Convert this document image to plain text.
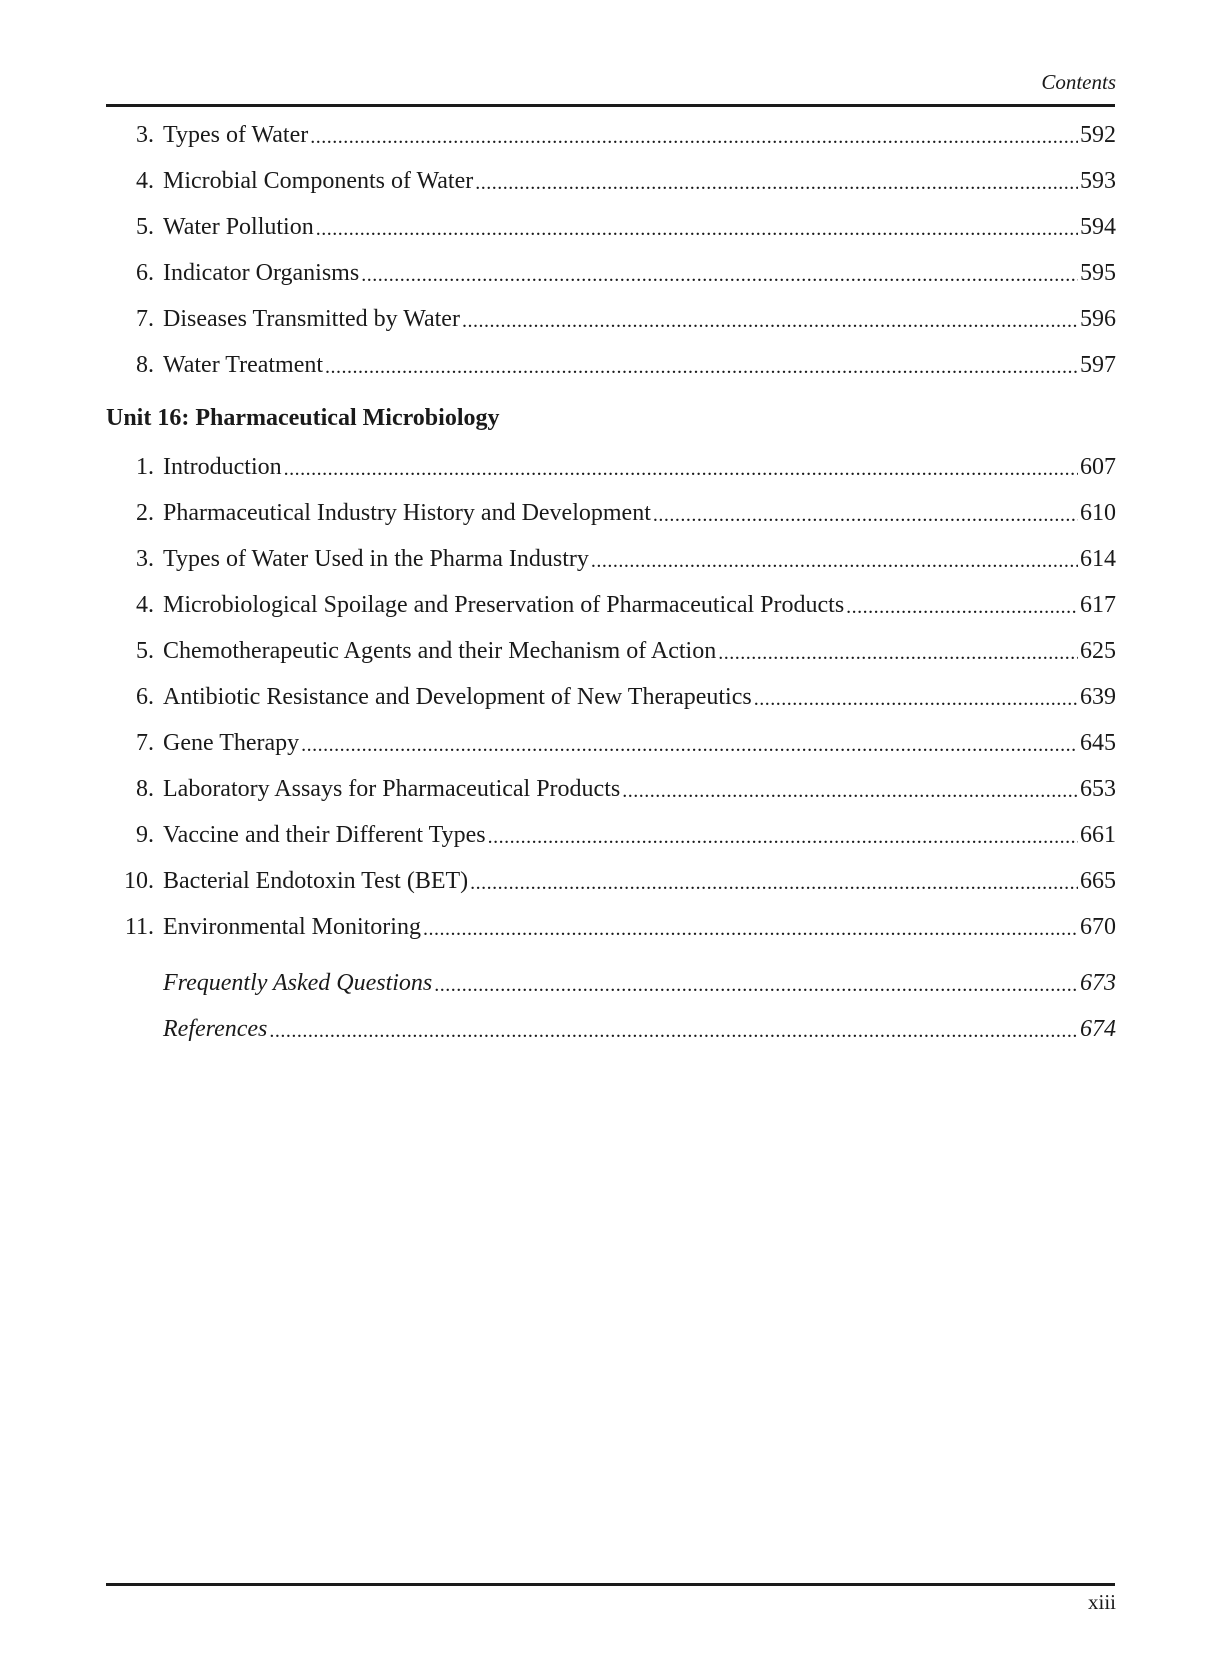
Contents
3. Types of Water .....	592
4. Microbial Components of Water .....	593
5. Water Pollution .....	594
6. Indicator Organisms .....	595
7. Diseases Transmitted by Water .....	596
8. Water Treatment .....	597
Unit 16: Pharmaceutical Microbiology
1. Introduction .....	607
2. Pharmaceutical Industry History and Development .....	610
3. Types of Water Used in the Pharma Industry .....	614
4. Microbiological Spoilage and Preservation of Pharmaceutical Products .....	617
5. Chemotherapeutic Agents and their Mechanism of Action .....	625
6. Antibiotic Resistance and Development of New Therapeutics .....	639
7. Gene Therapy .....	645
8. Laboratory Assays for Pharmaceutical Products .....	653
9. Vaccine and their Different Types .....	661
10. Bacterial Endotoxin Test (BET) .....	665
11. Environmental Monitoring .....	670
Frequently Asked Questions .....	673
References .....	674
xiii
